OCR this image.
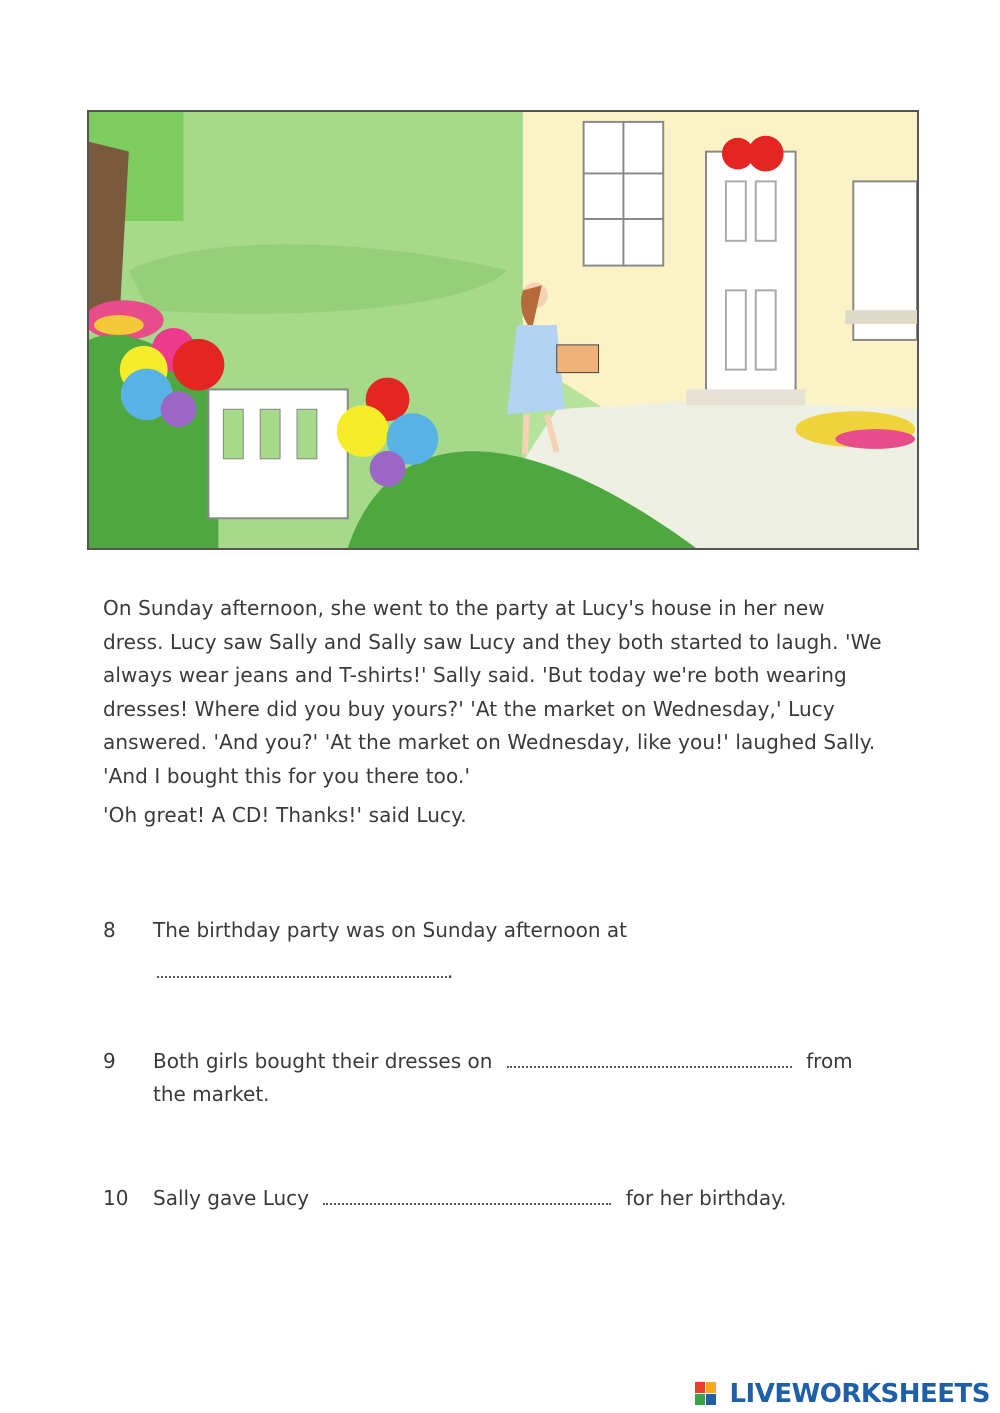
On Sunday afternoon, she went to the party at Lucy's house in her new dress. Lucy saw Sally and Sally saw Lucy and they both started to laugh. 'We always wear jeans and T-shirts!' Sally said. 'But today we're both wearing dresses! Where did you buy yours?' 'At the market on Wednesday,' Lucy answered. 'And you?' 'At the market on Wednesday, like you!' laughed Sally. 'And I bought this for you there too.'

'Oh great! A CD! Thanks!' said Lucy.

8 The birthday party was on Sunday afternoon at
.
9 Both girls bought their dresses on	from
the market.
10 Sally gave Lucy	for her birthday.
LIVEWORKSHEETS
